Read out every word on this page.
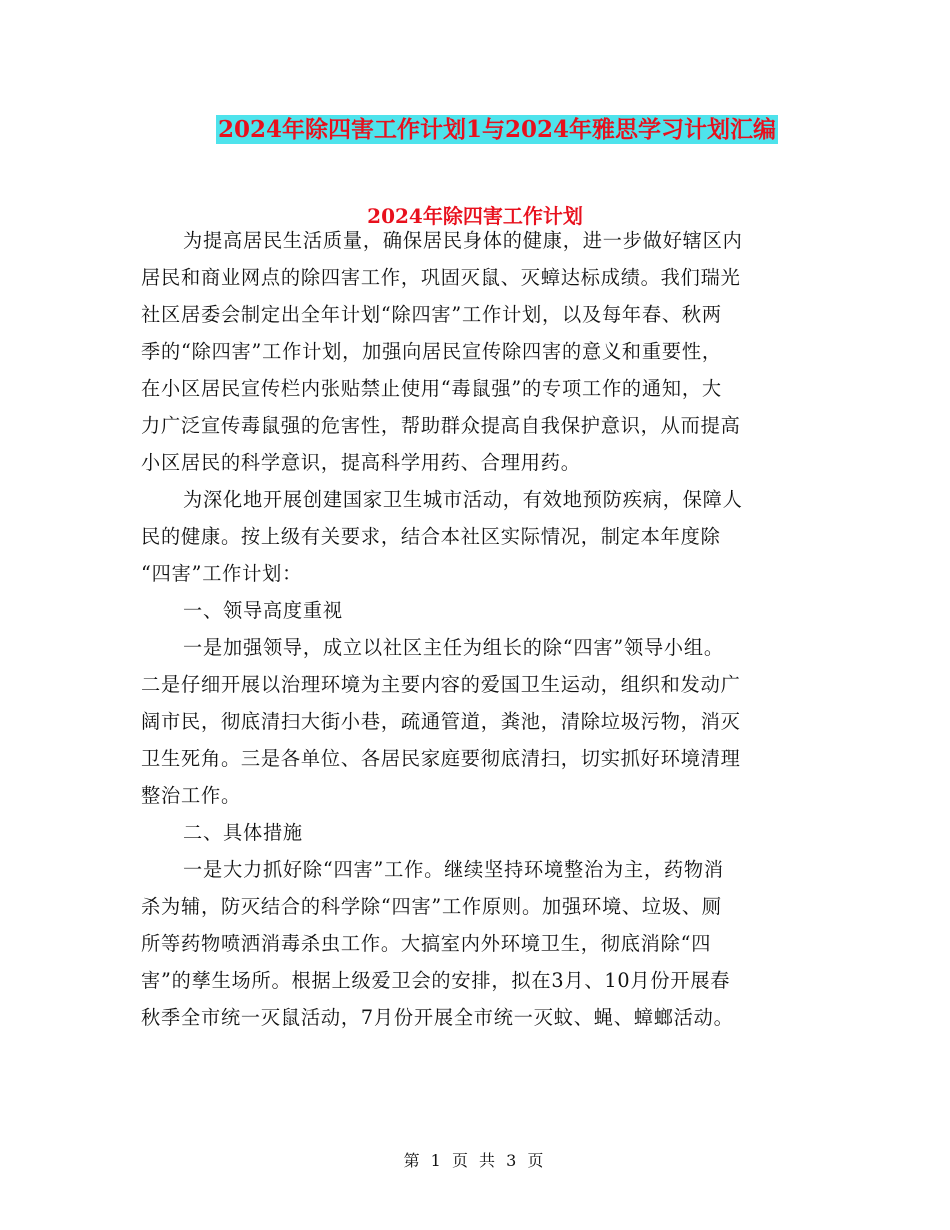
2024年除四害工作计划1与2024年雅思学习计划汇编
2024年除四害工作计划
为提高居民生活质量，确保居民身体的健康，进一步做好辖区内
居民和商业网点的除四害工作，巩固灭鼠、灭蟑达标成绩。我们瑞光
社区居委会制定出全年计划“除四害”工作计划，以及每年春、秋两
季的“除四害”工作计划，加强向居民宣传除四害的意义和重要性，
在小区居民宣传栏内张贴禁止使用“毒鼠强”的专项工作的通知，大
力广泛宣传毒鼠强的危害性，帮助群众提高自我保护意识，从而提高
小区居民的科学意识，提高科学用药、合理用药。
为深化地开展创建国家卫生城市活动，有效地预防疾病，保障人
民的健康。按上级有关要求，结合本社区实际情况，制定本年度除
“四害”工作计划：
一、领导高度重视
一是加强领导，成立以社区主任为组长的除“四害”领导小组。
二是仔细开展以治理环境为主要内容的爱国卫生运动，组织和发动广
阔市民，彻底清扫大街小巷，疏通管道，粪池，清除垃圾污物，消灭
卫生死角。三是各单位、各居民家庭要彻底清扫，切实抓好环境清理
整治工作。
二、具体措施
一是大力抓好除“四害”工作。继续坚持环境整治为主，药物消
杀为辅，防灭结合的科学除“四害”工作原则。加强环境、垃圾、厕
所等药物喷洒消毒杀虫工作。大搞室内外环境卫生，彻底消除“四
害”的孳生场所。根据上级爱卫会的安排，拟在3月、10月份开展春
秋季全市统一灭鼠活动，7月份开展全市统一灭蚊、蝇、蟑螂活动。
第 1 页 共 3 页
